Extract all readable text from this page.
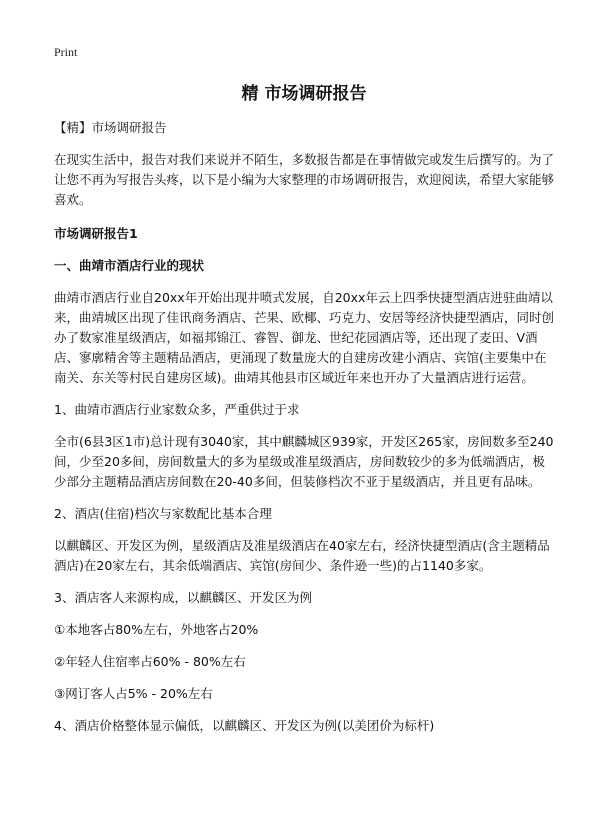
Print
精 市场调研报告

【精】市场调研报告

在现实生活中，报告对我们来说并不陌生，多数报告都是在事情做完或发生后撰写的。为了让您不再为写报告头疼，以下是小编为大家整理的市场调研报告，欢迎阅读，希望大家能够喜欢。

市场调研报告1

一、曲靖市酒店行业的现状

曲靖市酒店行业自20xx年开始出现井喷式发展，自20xx年云上四季快捷型酒店进驻曲靖以来，曲靖城区出现了佳讯商务酒店、芒果、欧椰、巧克力、安居等经济快捷型酒店，同时创办了数家准星级酒店，如福邦锦江、睿智、御龙、世纪花园酒店等，还出现了麦田、V酒店、寥廓精舍等主题精品酒店，更涌现了数量庞大的自建房改建小酒店、宾馆(主要集中在南关、东关等村民自建房区域)。曲靖其他县市区域近年来也开办了大量酒店进行运营。

1、曲靖市酒店行业家数众多，严重供过于求

全市(6县3区1市)总计现有3040家，其中麒麟城区939家，开发区265家，房间数多至240间，少至20多间，房间数量大的多为星级或准星级酒店，房间数较少的多为低端酒店，极少部分主题精品酒店房间数在20-40多间，但装修档次不亚于星级酒店，并且更有品味。

2、酒店(住宿)档次与家数配比基本合理

以麒麟区、开发区为例，星级酒店及准星级酒店在40家左右，经济快捷型酒店(含主题精品酒店)在20家左右，其余低端酒店、宾馆(房间少、条件逊一些)的占1140多家。

3、酒店客人来源构成，以麒麟区、开发区为例

①本地客占80%左右，外地客占20%

②年轻人住宿率占60% - 80%左右

③网订客人占5% - 20%左右

4、酒店价格整体显示偏低，以麒麟区、开发区为例(以美团价为标杆)
